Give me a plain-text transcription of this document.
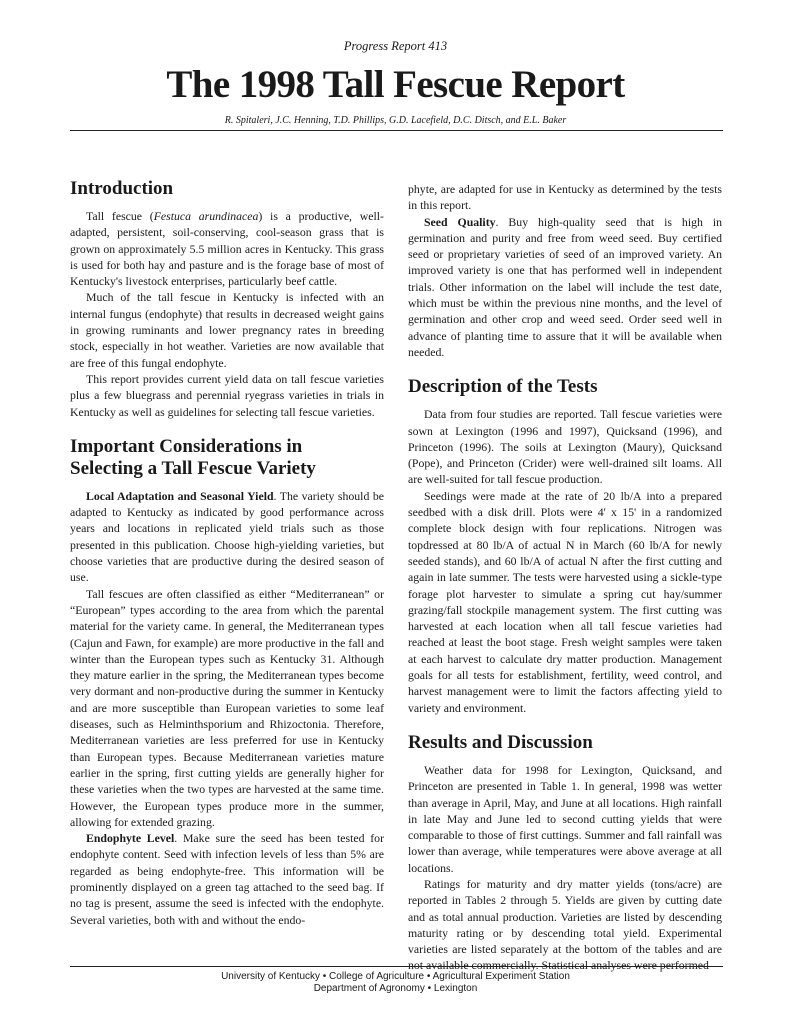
Progress Report 413
The 1998 Tall Fescue Report
R. Spitaleri, J.C. Henning, T.D. Phillips, G.D. Lacefield, D.C. Ditsch, and E.L. Baker
Introduction

Tall fescue (Festuca arundinacea) is a productive, well-adapted, persistent, soil-conserving, cool-season grass that is grown on approximately 5.5 million acres in Kentucky. This grass is used for both hay and pasture and is the forage base of most of Kentucky's livestock enterprises, particularly beef cattle.

Much of the tall fescue in Kentucky is infected with an internal fungus (endophyte) that results in decreased weight gains in growing ruminants and lower pregnancy rates in breeding stock, especially in hot weather. Varieties are now available that are free of this fungal endophyte.

This report provides current yield data on tall fescue varieties plus a few bluegrass and perennial ryegrass varieties in trials in Kentucky as well as guidelines for selecting tall fescue varieties.

Important Considerations in
Selecting a Tall Fescue Variety

Local Adaptation and Seasonal Yield. The variety should be adapted to Kentucky as indicated by good performance across years and locations in replicated yield trials such as those presented in this publication. Choose high-yielding varieties, but choose varieties that are productive during the desired season of use.

Tall fescues are often classified as either “Mediterranean” or “European” types according to the area from which the parental material for the variety came. In general, the Mediterranean types (Cajun and Fawn, for example) are more productive in the fall and winter than the European types such as Kentucky 31. Although they mature earlier in the spring, the Mediterranean types become very dormant and non-productive during the summer in Kentucky and are more susceptible than European varieties to some leaf diseases, such as Helminthsporium and Rhizoctonia. Therefore, Mediterranean varieties are less preferred for use in Kentucky than European types. Because Mediterranean varieties mature earlier in the spring, first cutting yields are generally higher for these varieties when the two types are harvested at the same time. However, the European types produce more in the summer, allowing for extended grazing.

Endophyte Level. Make sure the seed has been tested for endophyte content. Seed with infection levels of less than 5% are regarded as being endophyte-free. This information will be prominently displayed on a green tag attached to the seed bag. If no tag is present, assume the seed is infected with the endophyte. Several varieties, both with and without the endo-

phyte, are adapted for use in Kentucky as determined by the tests in this report.

Seed Quality. Buy high-quality seed that is high in germination and purity and free from weed seed. Buy certified seed or proprietary varieties of seed of an improved variety. An improved variety is one that has performed well in independent trials. Other information on the label will include the test date, which must be within the previous nine months, and the level of germination and other crop and weed seed. Order seed well in advance of planting time to assure that it will be available when needed.

Description of the Tests

Data from four studies are reported. Tall fescue varieties were sown at Lexington (1996 and 1997), Quicksand (1996), and Princeton (1996). The soils at Lexington (Maury), Quicksand (Pope), and Princeton (Crider) were well-drained silt loams. All are well-suited for tall fescue production.

Seedings were made at the rate of 20 lb/A into a prepared seedbed with a disk drill. Plots were 4' x 15' in a randomized complete block design with four replications. Nitrogen was topdressed at 80 lb/A of actual N in March (60 lb/A for newly seeded stands), and 60 lb/A of actual N after the first cutting and again in late summer. The tests were harvested using a sickle-type forage plot harvester to simulate a spring cut hay/summer grazing/fall stockpile management system. The first cutting was harvested at each location when all tall fescue varieties had reached at least the boot stage. Fresh weight samples were taken at each harvest to calculate dry matter production. Management goals for all tests for establishment, fertility, weed control, and harvest management were to limit the factors affecting yield to variety and environment.

Results and Discussion

Weather data for 1998 for Lexington, Quicksand, and Princeton are presented in Table 1. In general, 1998 was wetter than average in April, May, and June at all locations. High rainfall in late May and June led to second cutting yields that were comparable to those of first cuttings. Summer and fall rainfall was lower than average, while temperatures were above average at all locations.

Ratings for maturity and dry matter yields (tons/acre) are reported in Tables 2 through 5. Yields are given by cutting date and as total annual production. Varieties are listed by descending maturity rating or by descending total yield. Experimental varieties are listed separately at the bottom of the tables and are not available commercially. Statistical analyses were performed

University of Kentucky • College of Agriculture • Agricultural Experiment Station
Department of Agronomy • Lexington
